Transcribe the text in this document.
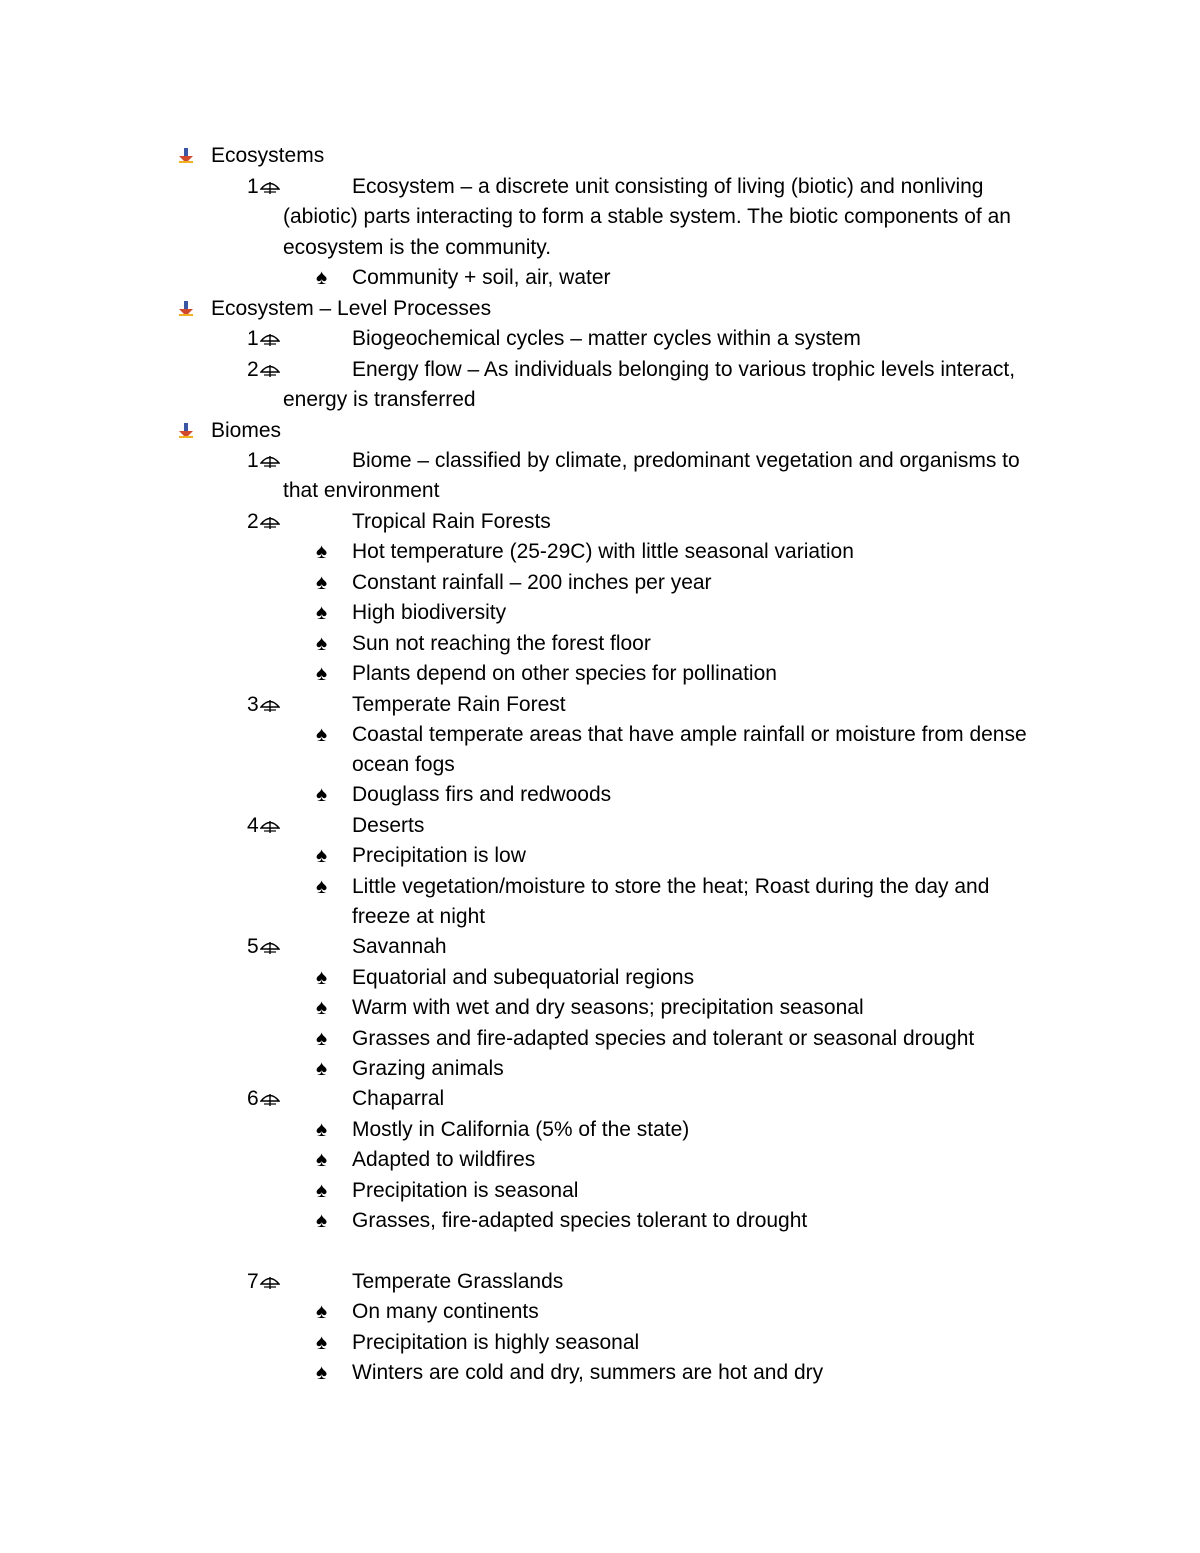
Ecosystems
1	Ecosystem – a discrete unit consisting of living (biotic) and nonliving
(abiotic) parts interacting to form a stable system. The biotic components of an
ecosystem is the community.
♠ Community + soil, air, water
Ecosystem – Level Processes
1	Biogeochemical cycles – matter cycles within a system
2	Energy flow – As individuals belonging to various trophic levels interact,
energy is transferred
Biomes
1	Biome – classified by climate, predominant vegetation and organisms to
that environment
2	Tropical Rain Forests
♠ Hot temperature (25-29C) with little seasonal variation
♠ Constant rainfall – 200 inches per year
♠ High biodiversity
♠ Sun not reaching the forest floor
♠ Plants depend on other species for pollination
3	Temperate Rain Forest
♠ Coastal temperate areas that have ample rainfall or moisture from dense
ocean fogs
♠ Douglass firs and redwoods
4	Deserts
♠ Precipitation is low
♠ Little vegetation/moisture to store the heat; Roast during the day and
freeze at night
5	Savannah
♠ Equatorial and subequatorial regions
♠ Warm with wet and dry seasons; precipitation seasonal
♠ Grasses and fire-adapted species and tolerant or seasonal drought
♠ Grazing animals
6	Chaparral
♠ Mostly in California (5% of the state)
♠ Adapted to wildfires
♠ Precipitation is seasonal
♠ Grasses, fire-adapted species tolerant to drought
7	Temperate Grasslands
♠ On many continents
♠ Precipitation is highly seasonal
♠ Winters are cold and dry, summers are hot and dry
